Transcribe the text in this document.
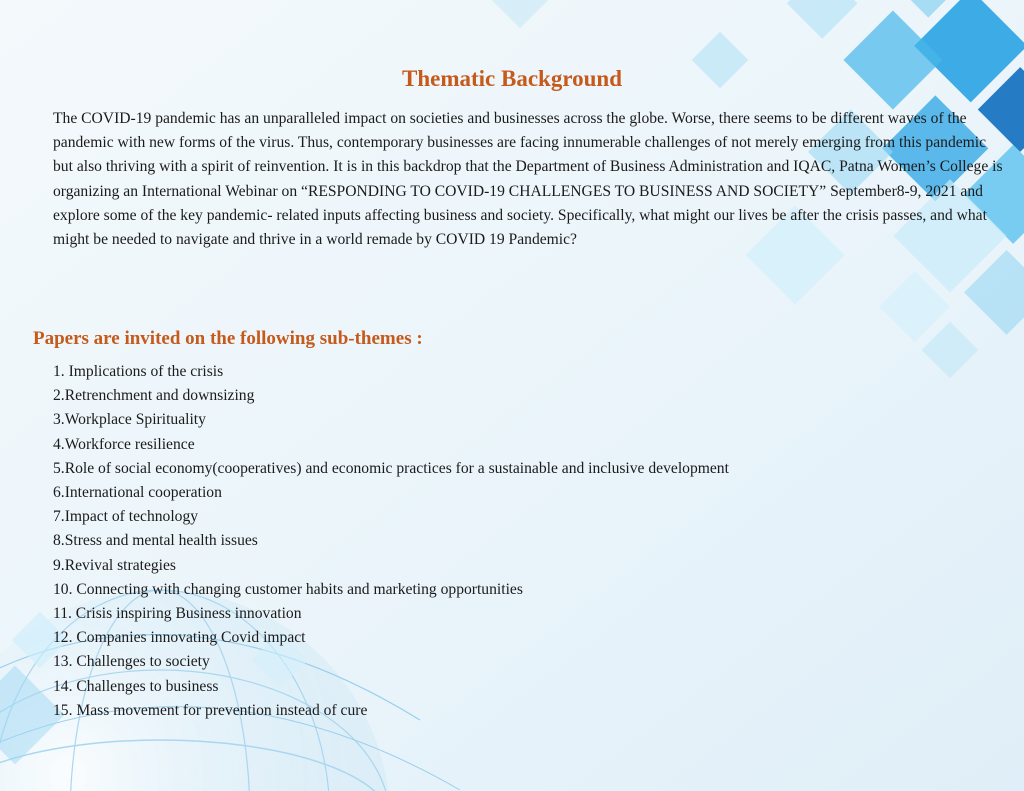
Thematic Background

The COVID-19 pandemic has an unparalleled impact on societies and businesses across the globe. Worse, there seems to be different waves of the pandemic with new forms of the virus. Thus, contemporary businesses are facing innumerable challenges of not merely emerging from this pandemic but also thriving with a spirit of reinvention. It is in this backdrop that the Department of Business Administration and IQAC, Patna Women’s College is organizing an International Webinar on “RESPONDING TO COVID-19 CHALLENGES TO BUSINESS AND SOCIETY” September8-9, 2021 and explore some of the key pandemic- related inputs affecting business and society. Specifically, what might our lives be after the crisis passes, and what might be needed to navigate and thrive in a world remade by COVID 19 Pandemic?

Papers are invited on the following sub-themes :
1. Implications of the crisis
2.Retrenchment and downsizing
3.Workplace Spirituality
4.Workforce resilience
5.Role of social economy(cooperatives) and economic practices for a sustainable and inclusive development
6.International cooperation
7.Impact of technology
8.Stress and mental health issues
9.Revival strategies
10. Connecting with changing customer habits and marketing opportunities
11. Crisis inspiring Business innovation
12. Companies innovating Covid impact
13. Challenges to society
14. Challenges to business
15. Mass movement for prevention instead of cure
